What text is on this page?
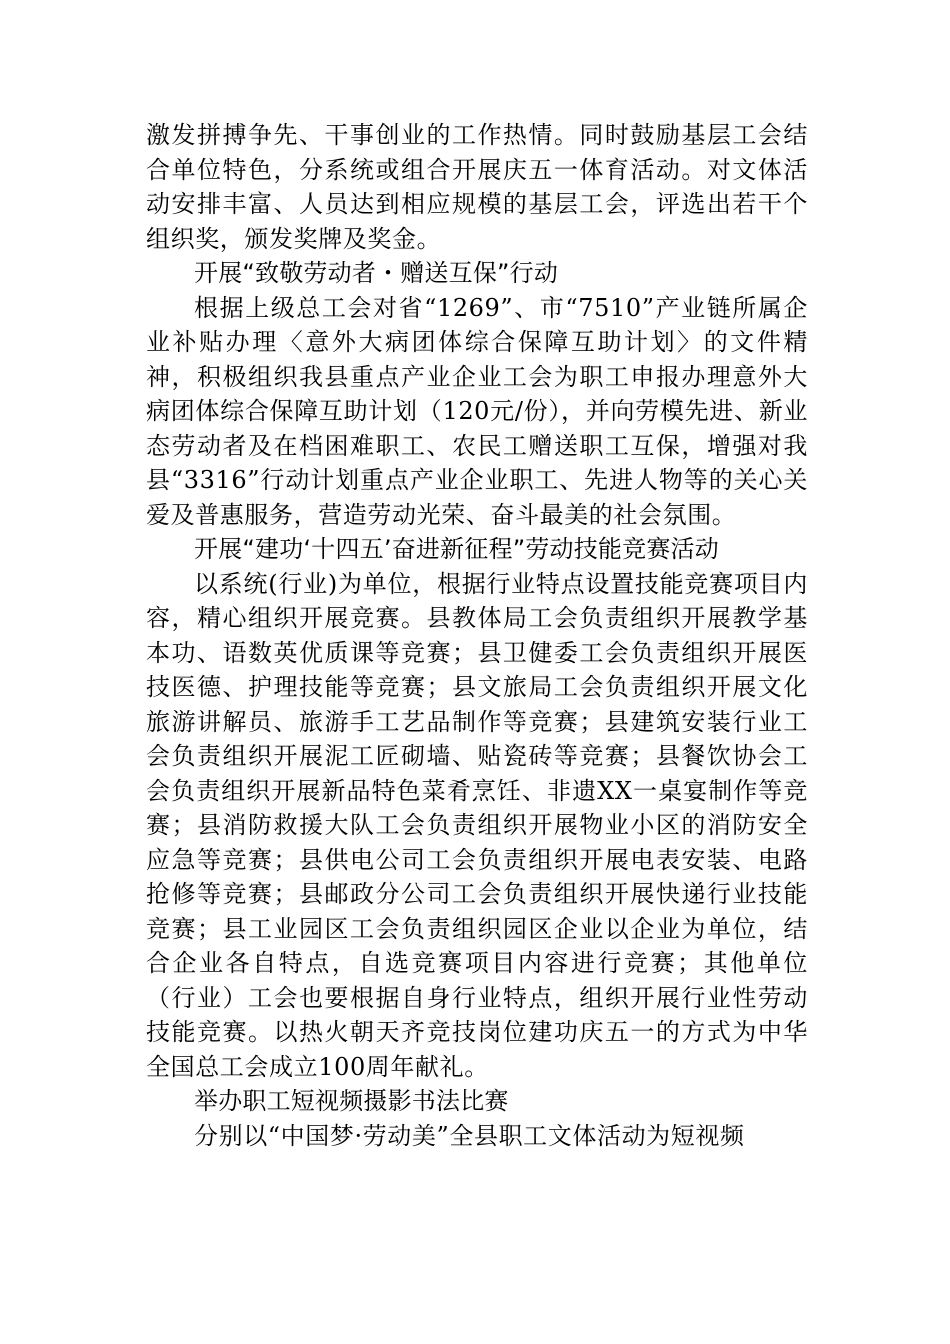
激发拼搏争先、干事创业的工作热情。同时鼓励基层工会结合单位特色，分系统或组合开展庆五一体育活动。对文体活动安排丰富、人员达到相应规模的基层工会，评选出若干个组织奖，颁发奖牌及奖金。

开展“致敬劳动者・赠送互保”行动

根据上级总工会对省“1269”、市“7510”产业链所属企业补贴办理〈意外大病团体综合保障互助计划〉的文件精神，积极组织我县重点产业企业工会为职工申报办理意外大病团体综合保障互助计划（120元/份），并向劳模先进、新业态劳动者及在档困难职工、农民工赠送职工互保，增强对我县“3316”行动计划重点产业企业职工、先进人物等的关心关爱及普惠服务，营造劳动光荣、奋斗最美的社会氛围。

开展“建功‘十四五’奋进新征程”劳动技能竞赛活动

以系统(行业)为单位，根据行业特点设置技能竞赛项目内容，精心组织开展竞赛。县教体局工会负责组织开展教学基本功、语数英优质课等竞赛；县卫健委工会负责组织开展医技医德、护理技能等竞赛；县文旅局工会负责组织开展文化旅游讲解员、旅游手工艺品制作等竞赛；县建筑安装行业工会负责组织开展泥工匠砌墙、贴瓷砖等竞赛；县餐饮协会工会负责组织开展新品特色菜肴烹饪、非遗XX一桌宴制作等竞赛；县消防救援大队工会负责组织开展物业小区的消防安全应急等竞赛；县供电公司工会负责组织开展电表安装、电路抢修等竞赛；县邮政分公司工会负责组织开展快递行业技能竞赛；县工业园区工会负责组织园区企业以企业为单位，结合企业各自特点，自选竞赛项目内容进行竞赛；其他单位（行业）工会也要根据自身行业特点，组织开展行业性劳动技能竞赛。以热火朝天齐竞技岗位建功庆五一的方式为中华全国总工会成立100周年献礼。

举办职工短视频摄影书法比赛

分别以“中国梦·劳动美”全县职工文体活动为短视频
